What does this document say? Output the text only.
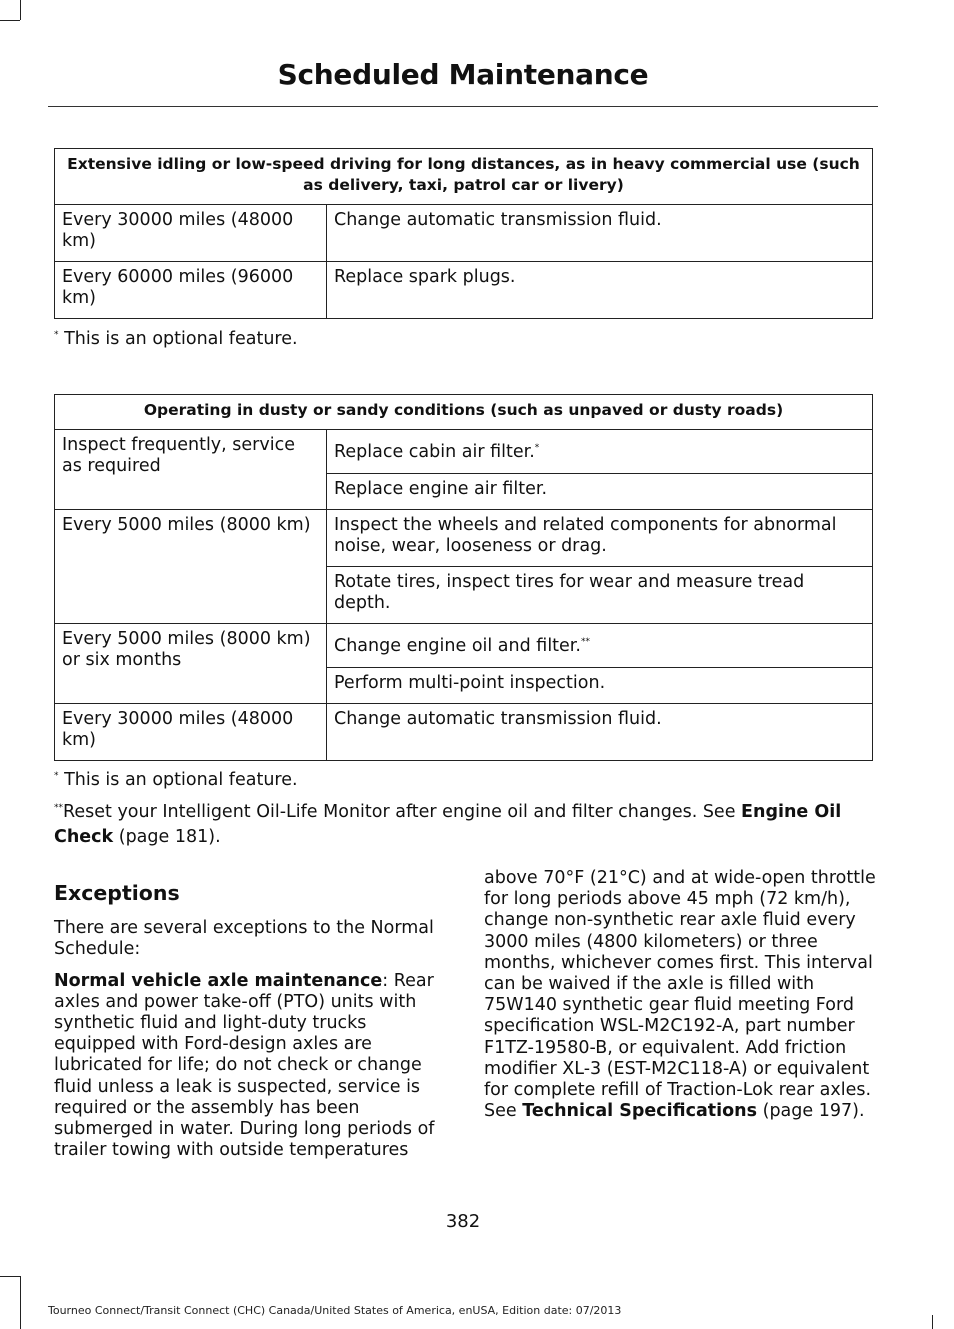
Scheduled Maintenance
Extensive idling or low-speed driving for long distances, as in heavy commercial use (such as delivery, taxi, patrol car or livery)	
Every 30000 miles (48000 km)	Change automatic transmission fluid.
Every 60000 miles (96000 km)	Replace spark plugs.
* This is an optional feature.
Operating in dusty or sandy conditions (such as unpaved or dusty roads)	
Inspect frequently, service as required	Replace cabin air filter.*
	Replace engine air filter.
Every 5000 miles (8000 km)	Inspect the wheels and related components for abnormal noise, wear, looseness or drag.
	Rotate tires, inspect tires for wear and measure tread depth.
Every 5000 miles (8000 km) or six months	Change engine oil and filter.**
	Perform multi-point inspection.
Every 30000 miles (48000 km)	Change automatic transmission fluid.
* This is an optional feature.
**Reset your Intelligent Oil-Life Monitor after engine oil and filter changes. See Engine Oil Check (page 181).
Exceptions

There are several exceptions to the Normal Schedule:

Normal vehicle axle maintenance: Rear axles and power take-off (PTO) units with synthetic fluid and light-duty trucks equipped with Ford-design axles are lubricated for life; do not check or change fluid unless a leak is suspected, service is required or the assembly has been submerged in water. During long periods of trailer towing with outside temperatures

above 70°F (21°C) and at wide-open throttle for long periods above 45 mph (72 km/h), change non-synthetic rear axle fluid every 3000 miles (4800 kilometers) or three months, whichever comes first. This interval can be waived if the axle is filled with 75W140 synthetic gear fluid meeting Ford specification WSL-M2C192-A, part number F1TZ-19580-B, or equivalent. Add friction modifier XL-3 (EST-M2C118-A) or equivalent for complete refill of Traction-Lok rear axles. See Technical Specifications (page 197).

382
Tourneo Connect/Transit Connect (CHC) Canada/United States of America, enUSA, Edition date: 07/2013
